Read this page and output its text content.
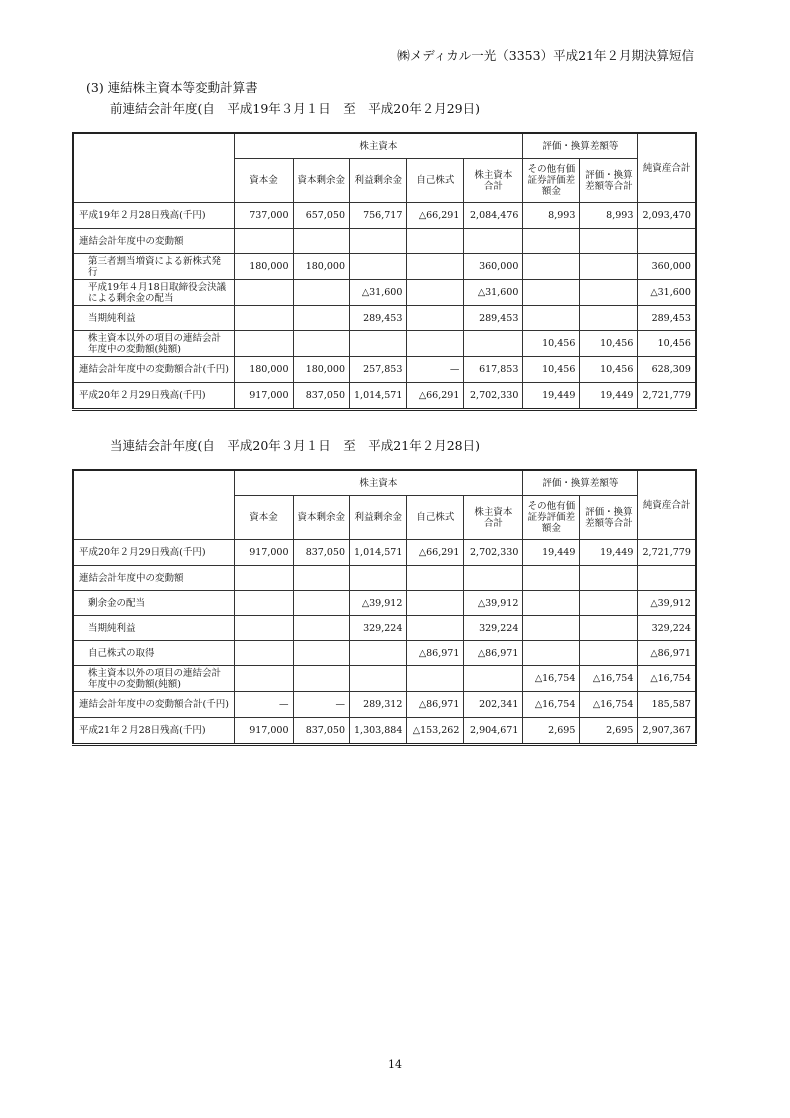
㈱メディカル一光（3353）平成21年２月期決算短信
(3) 連結株主資本等変動計算書
前連結会計年度(自　平成19年３月１日　至　平成20年２月29日)
	株主資本					評価・換算差額等		純資産合計
	資本金	資本剰余金	利益剰余金	自己株式	株主資本合計	その他有価証券評価差額金	評価・換算差額等合計	
平成19年２月28日残高(千円)	737,000	657,050	756,717	△66,291	2,084,476	8,993	8,993	2,093,470
連結会計年度中の変動額								
第三者割当増資による新株式発行	180,000	180,000			360,000			360,000
平成19年４月18日取締役会決議による剰余金の配当			△31,600		△31,600			△31,600
当期純利益			289,453		289,453			289,453
株主資本以外の項目の連結会計年度中の変動額(純額)						10,456	10,456	10,456
連結会計年度中の変動額合計(千円)	180,000	180,000	257,853	—	617,853	10,456	10,456	628,309
平成20年２月29日残高(千円)	917,000	837,050	1,014,571	△66,291	2,702,330	19,449	19,449	2,721,779
当連結会計年度(自　平成20年３月１日　至　平成21年２月28日)
	株主資本					評価・換算差額等		純資産合計
	資本金	資本剰余金	利益剰余金	自己株式	株主資本合計	その他有価証券評価差額金	評価・換算差額等合計	
平成20年２月29日残高(千円)	917,000	837,050	1,014,571	△66,291	2,702,330	19,449	19,449	2,721,779
連結会計年度中の変動額								
剰余金の配当			△39,912		△39,912			△39,912
当期純利益			329,224		329,224			329,224
自己株式の取得				△86,971	△86,971			△86,971
株主資本以外の項目の連結会計年度中の変動額(純額)						△16,754	△16,754	△16,754
連結会計年度中の変動額合計(千円)	—	—	289,312	△86,971	202,341	△16,754	△16,754	185,587
平成21年２月28日残高(千円)	917,000	837,050	1,303,884	△153,262	2,904,671	2,695	2,695	2,907,367
14
